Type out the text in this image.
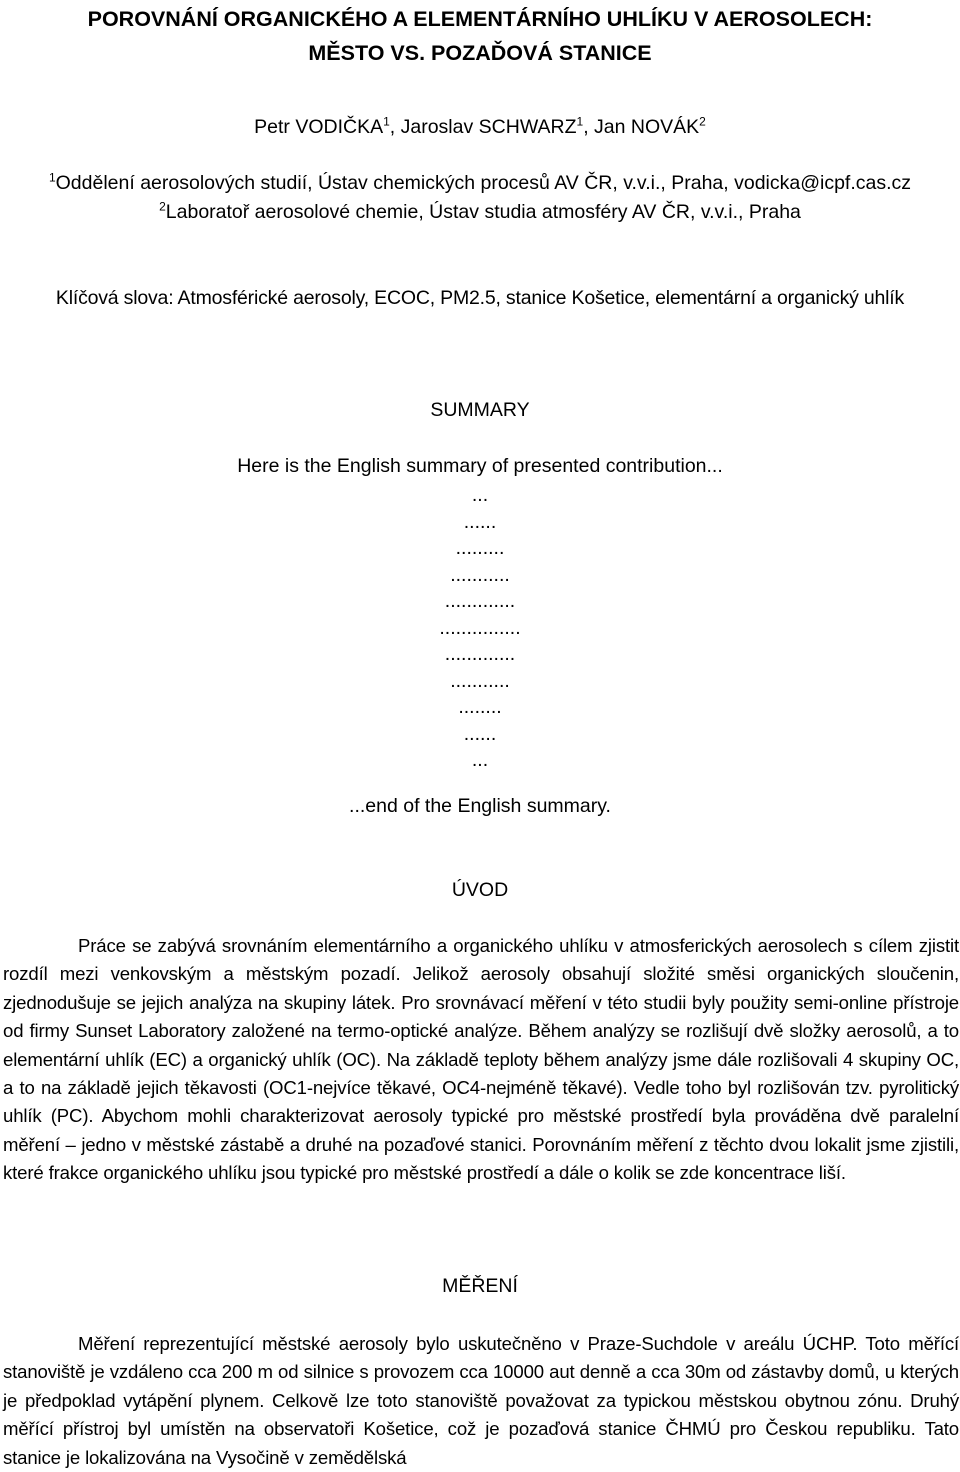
POROVNÁNÍ ORGANICKÉHO A ELEMENTÁRNÍHO UHLÍKU V AEROSOLECH:
MĚSTO VS. POZAĎOVÁ STANICE
Petr VODIČKA$^1$, Jaroslav SCHWARZ$^1$, Jan NOVÁK$^2$
$^1$Oddělení aerosolových studií, Ústav chemických procesů AV ČR, v.v.i., Praha, vodicka@icpf.cas.cz
$^2$Laboratoř aerosolové chemie, Ústav studia atmosféry AV ČR, v.v.i., Praha
Klíčová slova: Atmosférické aerosoly, ECOC, PM2.5, stanice Košetice, elementární a organický uhlík
SUMMARY
Here is the English summary of presented contribution...
...
......
.........
...........
.............
...............
.............
...........
........
......
...
...end of the English summary.
ÚVOD
Práce se zabývá srovnáním elementárního a organického uhlíku v atmosferických aerosolech s cílem zjistit rozdíl mezi venkovským a městským pozadí. Jelikož aerosoly obsahují složité směsi organických sloučenin, zjednodušuje se jejich analýza na skupiny látek. Pro srovnávací měření v této studii byly použity semi-online přístroje od firmy Sunset Laboratory založené na termo-optické analýze. Během analýzy se rozlišují dvě složky aerosolů, a to elementární uhlík (EC) a organický uhlík (OC). Na základě teploty během analýzy jsme dále rozlišovali 4 skupiny OC, a to na základě jejich těkavosti (OC1-nejvíce těkavé, OC4-nejméně těkavé). Vedle toho byl rozlišován tzv. pyrolitický uhlík (PC). Abychom mohli charakterizovat aerosoly typické pro městské prostředí byla prováděna dvě paralelní měření – jedno v městské zástabě a druhé na pozaďové stanici. Porovnáním měření z těchto dvou lokalit jsme zjistili, které frakce organického uhlíku jsou typické pro městské prostředí a dále o kolik se zde koncentrace liší.
MĚŘENÍ
Měření reprezentující městské aerosoly bylo uskutečněno v Praze-Suchdole v areálu ÚCHP. Toto měřící stanoviště je vzdáleno cca 200 m od silnice s provozem cca 10000 aut denně a cca 30m od zástavby domů, u kterých je předpoklad vytápění plynem. Celkově lze toto stanoviště považovat za typickou městskou obytnou zónu. Druhý měřící přístroj byl umístěn na observatoři Košetice, což je pozaďová stanice ČHMÚ pro Českou republiku. Tato stanice je lokalizována na Vysočině v zemědělská
